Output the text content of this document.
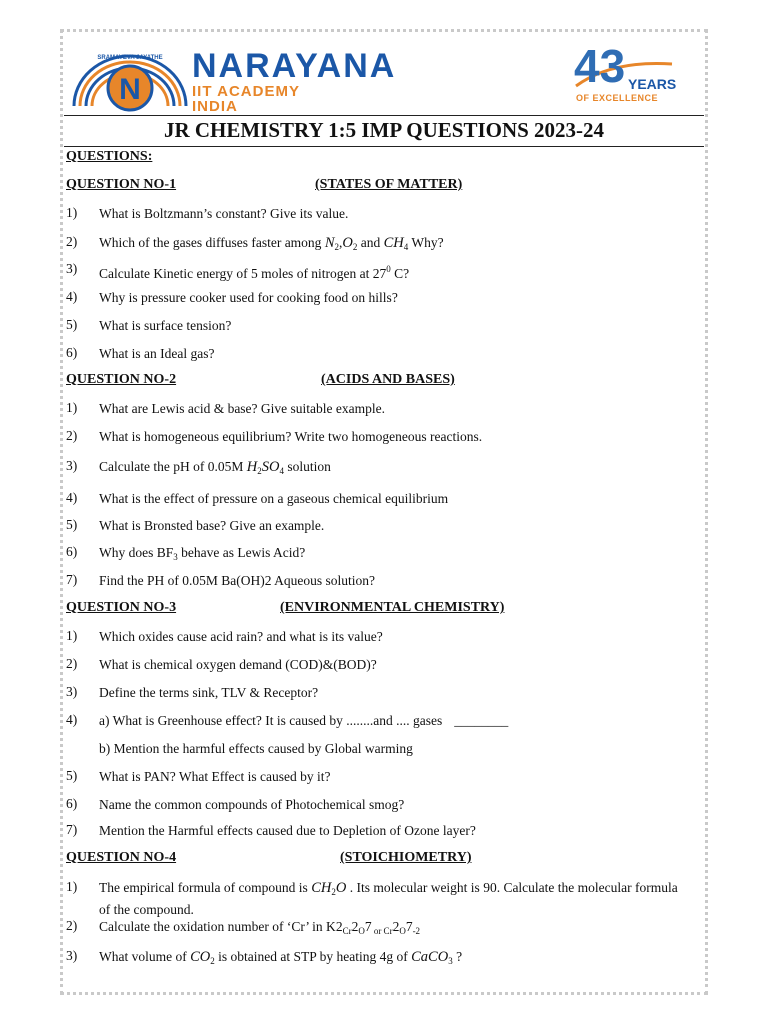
N
SRAMAYEVA JAYATHE NARAYANA
IIT ACADEMY
INDIA
43 YEARS
OF EXCELLENCE
JR CHEMISTRY 1:5 IMP QUESTIONS 2023-24
QUESTIONS:
QUESTION NO-1	(STATES OF MATTER)
1) What is Boltzmann’s constant? Give its value.
2) Which of the gases diffuses faster among $N_2,O_2$ and $CH_4$ Why?
3) Calculate Kinetic energy of 5 moles of nitrogen at $27^0$ C?
4) Why is pressure cooker used for cooking food on hills?
5) What is surface tension?
6) What is an Ideal gas?
QUESTION NO-2	(ACIDS AND BASES)
1) What are Lewis acid & base? Give suitable example.
2) What is homogeneous equilibrium? Write two homogeneous reactions.
3) Calculate the pH of 0.05M $H_2SO_4$ solution
4) What is the effect of pressure on a gaseous chemical equilibrium
5) What is Bronsted base? Give an example.
6) Why does $BF_3$ behave as Lewis Acid?
7) Find the PH of 0.05M Ba(OH)2 Aqueous solution?
QUESTION NO-3	(ENVIRONMENTAL CHEMISTRY)
1) Which oxides cause acid rain? and what is its value?
2) What is chemical oxygen demand (COD)&(BOD)?
3) Define the terms sink, TLV & Receptor?
4) a) What is Greenhouse effect? It is caused by ........and .... gases ________
b) Mention the harmful effects caused by Global warming
5) What is PAN? What Effect is caused by it?
6) Name the common compounds of Photochemical smog?
7) Mention the Harmful effects caused due to Depletion of Ozone layer?
QUESTION NO-4	(STOICHIOMETRY)
1) The empirical formula of compound is $CH_2O$ . Its molecular weight is 90. Calculate the molecular formula of the compound.
2) Calculate the oxidation number of ‘Cr’ in $K2_{Cr}2_O7$ $_{or Cr}2_O7_{-2}$
3) What volume of $CO_2$ is obtained at STP by heating 4g of CaCO$_3$ ?
